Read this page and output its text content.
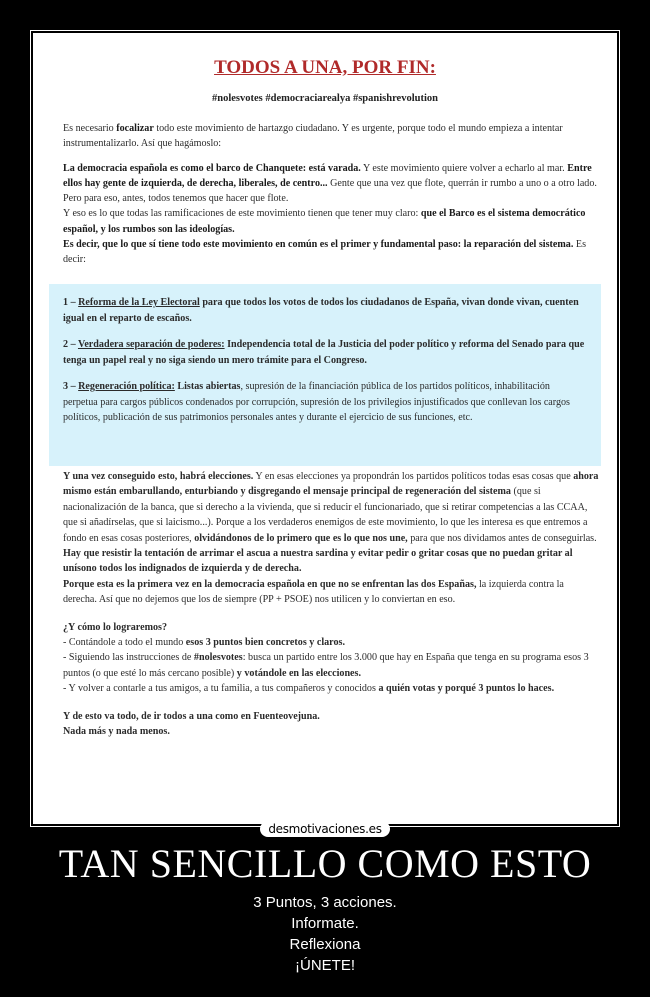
TODOS A UNA, POR FIN:
#nolesvotes #democraciarealya #spanishrevolution

Es necesario focalizar todo este movimiento de hartazgo ciudadano. Y es urgente, porque todo el mundo empieza a intentar instrumentalizarlo. Así que hagámoslo:

La democracia española es como el barco de Chanquete: está varada. Y este movimiento quiere volver a echarlo al mar. Entre ellos hay gente de izquierda, de derecha, liberales, de centro... Gente que una vez que flote, querrán ir rumbo a uno o a otro lado. Pero para eso, antes, todos tenemos que hacer que flote.

Y eso es lo que todas las ramificaciones de este movimiento tienen que tener muy claro: que el Barco es el sistema democrático español, y los rumbos son las ideologías.

Es decir, que lo que sí tiene todo este movimiento en común es el primer y fundamental paso: la reparación del sistema. Es decir:

1 – Reforma de la Ley Electoral para que todos los votos de todos los ciudadanos de España, vivan donde vivan, cuenten igual en el reparto de escaños.

2 – Verdadera separación de poderes: Independencia total de la Justicia del poder político y reforma del Senado para que tenga un papel real y no siga siendo un mero trámite para el Congreso.

3 – Regeneración política: Listas abiertas, supresión de la financiación pública de los partidos políticos, inhabilitación perpetua para cargos públicos condenados por corrupción, supresión de los privilegios injustificados que conllevan los cargos políticos, publicación de sus patrimonios personales antes y durante el ejercicio de sus funciones, etc.

Y una vez conseguido esto, habrá elecciones. Y en esas elecciones ya propondrán los partidos políticos todas esas cosas que ahora mismo están embarullando, enturbiando y disgregando el mensaje principal de regeneración del sistema (que si nacionalización de la banca, que si derecho a la vivienda, que si reducir el funcionariado, que si retirar competencias a las CCAA, que si añadírselas, que si laicismo...). Porque a los verdaderos enemigos de este movimiento, lo que les interesa es que entremos a fondo en esas cosas posteriores, olvidándonos de lo primero que es lo que nos une, para que nos dividamos antes de conseguirlas. Hay que resistir la tentación de arrimar el ascua a nuestra sardina y evitar pedir o gritar cosas que no puedan gritar al unísono todos los indignados de izquierda y de derecha.

Porque esta es la primera vez en la democracia española en que no se enfrentan las dos Españas, la izquierda contra la derecha. Así que no dejemos que los de siempre (PP + PSOE) nos utilicen y lo conviertan en eso.

¿Y cómo lo lograremos?
- Contándole a todo el mundo esos 3 puntos bien concretos y claros.
- Siguiendo las instrucciones de #nolesvotes: busca un partido entre los 3.000 que hay en España que tenga en su programa esos 3 puntos (o que esté lo más cercano posible) y votándole en las elecciones.
- Y volver a contarle a tus amigos, a tu familia, a tus compañeros y conocidos a quién votas y porqué 3 puntos lo haces.

Y de esto va todo, de ir todos a una como en Fuenteovejuna.
Nada más y nada menos.

desmotivaciones.es
TAN SENCILLO COMO ESTO
3 Puntos, 3 acciones.
Informate.
Reflexiona
¡ÚNETE!
